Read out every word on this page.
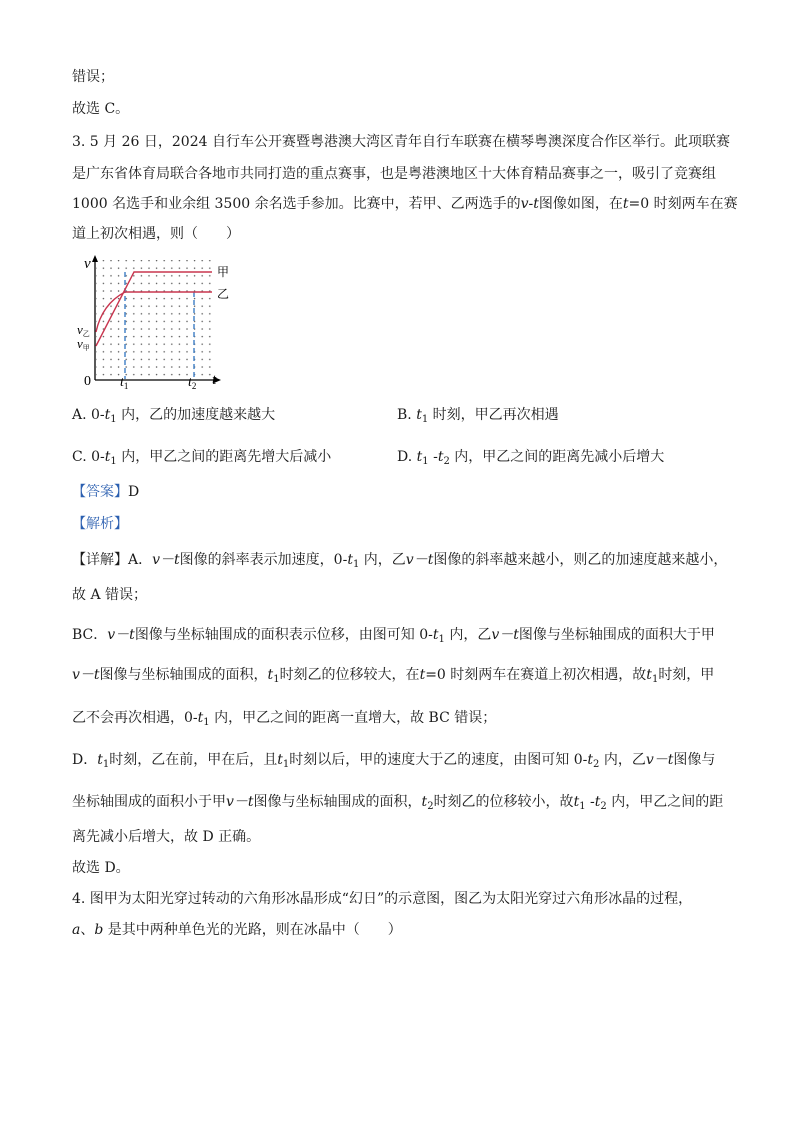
错误；
故选 C。
3. 5 月 26 日，2024 自行车公开赛暨粤港澳大湾区青年自行车联赛在横琴粤澳深度合作区举行。此项联赛
是广东省体育局联合各地市共同打造的重点赛事，也是粤港澳地区十大体育精品赛事之一，吸引了竞赛组
1000 名选手和业余组 3500 余名选手参加。比赛中，若甲、乙两选手的v-t图像如图，在t=0 时刻两车在赛
道上初次相遇，则（　　）
v
t
0 $t_1$	$t_2$
甲
乙
v乙
v甲
A. $0-t_1$ 内，乙的加速度越来越大	B. $t_1$ 时刻，甲乙再次相遇
C. $0-t_1$ 内，甲乙之间的距离先增大后减小	D. $t_1$ $-t_2$ 内，甲乙之间的距离先减小后增大
【答案】D
【解析】
【详解】A．v－t图像的斜率表示加速度，$0-t_1$ 内，乙v－t图像的斜率越来越小，则乙的加速度越来越小，
故 A 错误；
BC．v－t图像与坐标轴围成的面积表示位移，由图可知 $0-t_1$ 内，乙v－t图像与坐标轴围成的面积大于甲
v－t图像与坐标轴围成的面积，$t_1$时刻乙的位移较大，在t=0 时刻两车在赛道上初次相遇，故$t_1$时刻，甲
乙不会再次相遇，$0-t_1$ 内，甲乙之间的距离一直增大，故 BC 错误；
D．$t_1$时刻，乙在前，甲在后，且$t_1$时刻以后，甲的速度大于乙的速度，由图可知 $0-t_2$ 内，乙v－t图像与
坐标轴围成的面积小于甲v－t图像与坐标轴围成的面积，$t_2$时刻乙的位移较小，故$t_1$ $-t_2$ 内，甲乙之间的距
离先减小后增大，故 D 正确。
故选 D。
4. 图甲为太阳光穿过转动的六角形冰晶形成“幻日”的示意图，图乙为太阳光穿过六角形冰晶的过程，
a、b 是其中两种单色光的光路，则在冰晶中（　　）
